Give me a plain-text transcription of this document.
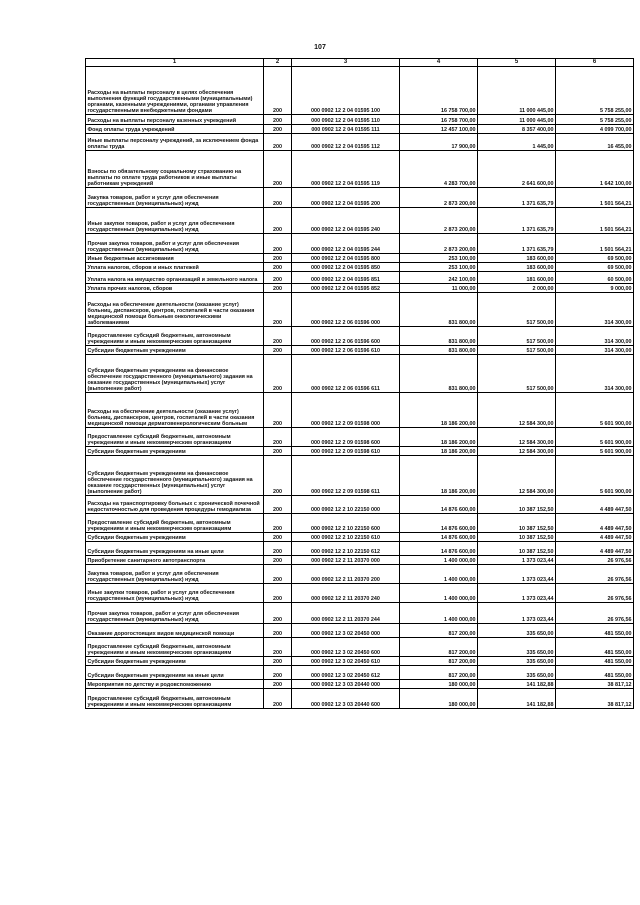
107
1	2	3	4	5	6
Расходы на выплаты персоналу в целях обеспечения выполнения функций государственными (муниципальными) органами, казенными учреждениями, органами управления государственными внебюджетными фондами	200	000 0902 12 2 04 01595 100	16 758 700,00	11 000 445,00	5 758 255,00
Расходы на выплаты персоналу казенных учреждений	200	000 0902 12 2 04 01595 110	16 758 700,00	11 000 445,00	5 758 255,00
Фонд оплаты труда учреждений	200	000 0902 12 2 04 01595 111	12 457 100,00	8 357 400,00	4 099 700,00
Иные выплаты персоналу учреждений, за исключением фонда оплаты труда	200	000 0902 12 2 04 01595 112	17 900,00	1 445,00	16 455,00
Взносы по обязательному социальному страхованию на выплаты по оплате труда работников и иные выплаты работникам учреждений	200	000 0902 12 2 04 01595 119	4 283 700,00	2 641 600,00	1 642 100,00
Закупка товаров, работ и услуг для обеспечения государственных (муниципальных) нужд	200	000 0902 12 2 04 01595 200	2 873 200,00	1 371 635,79	1 501 564,21
Иные закупки товаров, работ и услуг для обеспечения государственных (муниципальных) нужд	200	000 0902 12 2 04 01595 240	2 873 200,00	1 371 635,79	1 501 564,21
Прочая закупка товаров, работ и услуг для обеспечения государственных (муниципальных) нужд	200	000 0902 12 2 04 01595 244	2 873 200,00	1 371 635,79	1 501 564,21
Иные бюджетные ассигнования	200	000 0902 12 2 04 01595 800	253 100,00	183 600,00	69 500,00
Уплата налогов, сборов и иных платежей	200	000 0902 12 2 04 01595 850	253 100,00	183 600,00	69 500,00
Уплата налога на имущество организаций и земельного налога	200	000 0902 12 2 04 01595 851	242 100,00	181 600,00	60 500,00
Уплата прочих налогов, сборов	200	000 0902 12 2 04 01595 852	11 000,00	2 000,00	9 000,00
Расходы на обеспечение деятельности (оказание услуг) больниц, диспансеров, центров, госпиталей в части оказания медицинской помощи больным онкологическими заболеваниями	200	000 0902 12 2 06 01596 000	831 800,00	517 500,00	314 300,00
Предоставление субсидий бюджетным, автономным учреждениям и иным некоммерческим организациям	200	000 0902 12 2 06 01596 600	831 800,00	517 500,00	314 300,00
Субсидии бюджетным учреждениям	200	000 0902 12 2 06 01596 610	831 800,00	517 500,00	314 300,00
Субсидии бюджетным учреждениям на финансовое обеспечение государственного (муниципального) задания на оказание государственных (муниципальных) услуг (выполнение работ)	200	000 0902 12 2 06 01596 611	831 800,00	517 500,00	314 300,00
Расходы на обеспечение деятельности (оказание услуг) больниц, диспансеров, центров, госпиталей в части оказания медицинской помощи дерматовенерологическим больным	200	000 0902 12 2 09 01598 000	18 186 200,00	12 584 300,00	5 601 900,00
Предоставление субсидий бюджетным, автономным учреждениям и иным некоммерческим организациям	200	000 0902 12 2 09 01598 600	18 186 200,00	12 584 300,00	5 601 900,00
Субсидии бюджетным учреждениям	200	000 0902 12 2 09 01598 610	18 186 200,00	12 584 300,00	5 601 900,00
Субсидии бюджетным учреждениям на финансовое обеспечение государственного (муниципального) задания на оказание государственных (муниципальных) услуг (выполнение работ)	200	000 0902 12 2 09 01598 611	18 186 200,00	12 584 300,00	5 601 900,00
Расходы на транспортировку больных с хронической почечной недостаточностью для проведения процедуры гемодиализа	200	000 0902 12 2 10 22150 000	14 876 600,00	10 387 152,50	4 489 447,50
Предоставление субсидий бюджетным, автономным учреждениям и иным некоммерческим организациям	200	000 0902 12 2 10 22150 600	14 876 600,00	10 387 152,50	4 489 447,50
Субсидии бюджетным учреждениям	200	000 0902 12 2 10 22150 610	14 876 600,00	10 387 152,50	4 489 447,50
Субсидии бюджетным учреждениям на иные цели	200	000 0902 12 2 10 22150 612	14 876 600,00	10 387 152,50	4 489 447,50
Приобретение санитарного автотранспорта	200	000 0902 12 2 11 20370 000	1 400 000,00	1 373 023,44	26 976,56
Закупка товаров, работ и услуг для обеспечения государственных (муниципальных) нужд	200	000 0902 12 2 11 20370 200	1 400 000,00	1 373 023,44	26 976,56
Иные закупки товаров, работ и услуг для обеспечения государственных (муниципальных) нужд	200	000 0902 12 2 11 20370 240	1 400 000,00	1 373 023,44	26 976,56
Прочая закупка товаров, работ и услуг для обеспечения государственных (муниципальных) нужд	200	000 0902 12 2 11 20370 244	1 400 000,00	1 373 023,44	26 976,56
Оказание дорогостоящих видов медицинской помощи	200	000 0902 12 3 02 20450 000	817 200,00	335 650,00	481 550,00
Предоставление субсидий бюджетным, автономным учреждениям и иным некоммерческим организациям	200	000 0902 12 3 02 20450 600	817 200,00	335 650,00	481 550,00
Субсидии бюджетным учреждениям	200	000 0902 12 3 02 20450 610	817 200,00	335 650,00	481 550,00
Субсидии бюджетным учреждениям на иные цели	200	000 0902 12 3 02 20450 612	817 200,00	335 650,00	481 550,00
Мероприятия по детству и родовспоможению	200	000 0902 12 3 03 20440 000	180 000,00	141 182,88	38 817,12
Предоставление субсидий бюджетным, автономным учреждениям и иным некоммерческим организациям	200	000 0902 12 3 03 20440 600	180 000,00	141 182,88	38 817,12
